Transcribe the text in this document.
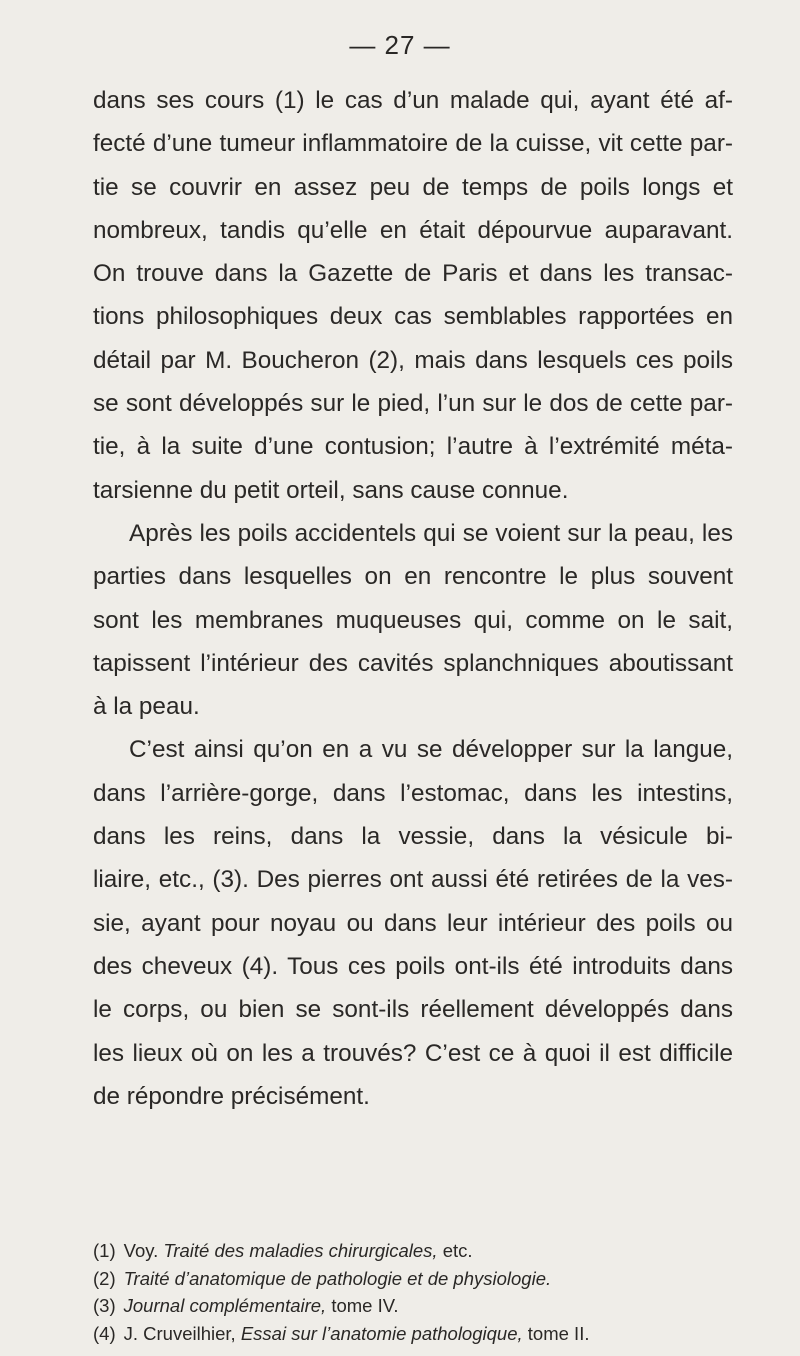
— 27 —
dans ses cours (1) le cas d’un malade qui, ayant été af-
fecté d’une tumeur inflammatoire de la cuisse, vit cette par-
tie se couvrir en assez peu de temps de poils longs et
nombreux, tandis qu’elle en était dépourvue auparavant.
On trouve dans la Gazette de Paris et dans les transac-
tions philosophiques deux cas semblables rapportées en
détail par M. Boucheron (2), mais dans lesquels ces poils
se sont développés sur le pied, l’un sur le dos de cette par-
tie, à la suite d’une contusion; l’autre à l’extrémité méta-
tarsienne du petit orteil, sans cause connue.
Après les poils accidentels qui se voient sur la peau, les
parties dans lesquelles on en rencontre le plus souvent
sont les membranes muqueuses qui, comme on le sait,
tapissent l’intérieur des cavités splanchniques aboutissant
à la peau.
C’est ainsi qu’on en a vu se développer sur la langue,
dans l’arrière-gorge, dans l’estomac, dans les intestins,
dans les reins, dans la vessie, dans la vésicule bi-
liaire, etc., (3). Des pierres ont aussi été retirées de la ves-
sie, ayant pour noyau ou dans leur intérieur des poils ou
des cheveux (4). Tous ces poils ont-ils été introduits dans
le corps, ou bien se sont-ils réellement développés dans
les lieux où on les a trouvés? C’est ce à quoi il est difficile
de répondre précisément.
(1) Voy. Traité des maladies chirurgicales, etc.
(2) Traité d’anatomique de pathologie et de physiologie.
(3) Journal complémentaire, tome IV.
(4) J. Cruveilhier, Essai sur l’anatomie pathologique, tome II.
